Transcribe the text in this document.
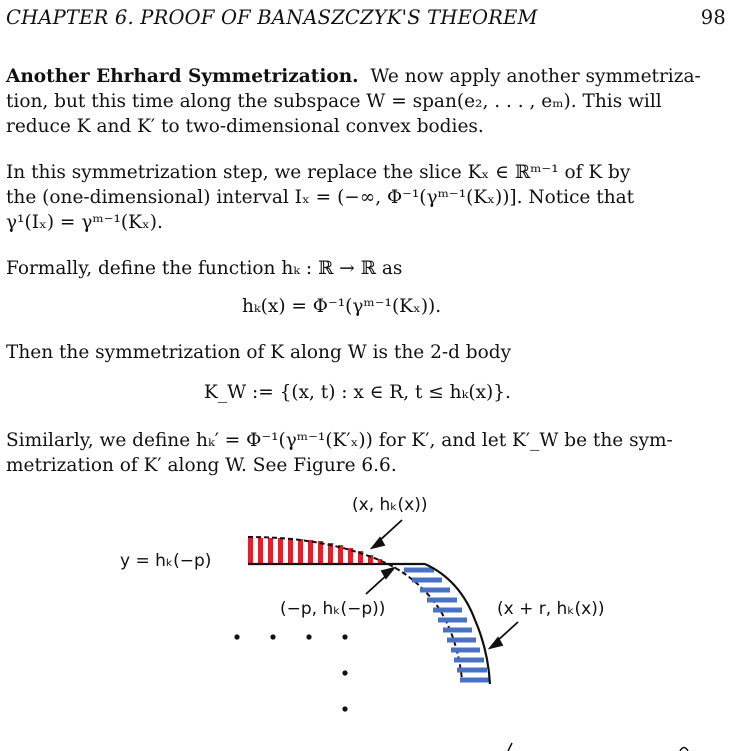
CHAPTER 6. PROOF OF BANASZCZYK'S THEOREM	98
Another Ehrhard Symmetrization. We now apply another symmetriza-
tion, but this time along the subspace W = span(e₂, . . . , eₘ). This will
reduce K and K′ to two-dimensional convex bodies.
In this symmetrization step, we replace the slice Kₓ ∈ ℝᵐ⁻¹ of K by
the (one-dimensional) interval Iₓ = (−∞, Φ⁻¹(γᵐ⁻¹(Kₓ))]. Notice that
γ¹(Iₓ) = γᵐ⁻¹(Kₓ).
Formally, define the function hₖ : ℝ → ℝ as
hₖ(x) = Φ⁻¹(γᵐ⁻¹(Kₓ)).
Then the symmetrization of K along W is the 2-d body
K_W := {(x, t) : x ∈ R, t ≤ hₖ(x)}.
Similarly, we define hₖ′ = Φ⁻¹(γᵐ⁻¹(K′ₓ)) for K′, and let K′_W be the sym-
metrization of K′ along W. See Figure 6.6.
(x, hₖ(x))
y = hₖ(−p)
(−p, hₖ(−p))	(x + r, hₖ(x))
